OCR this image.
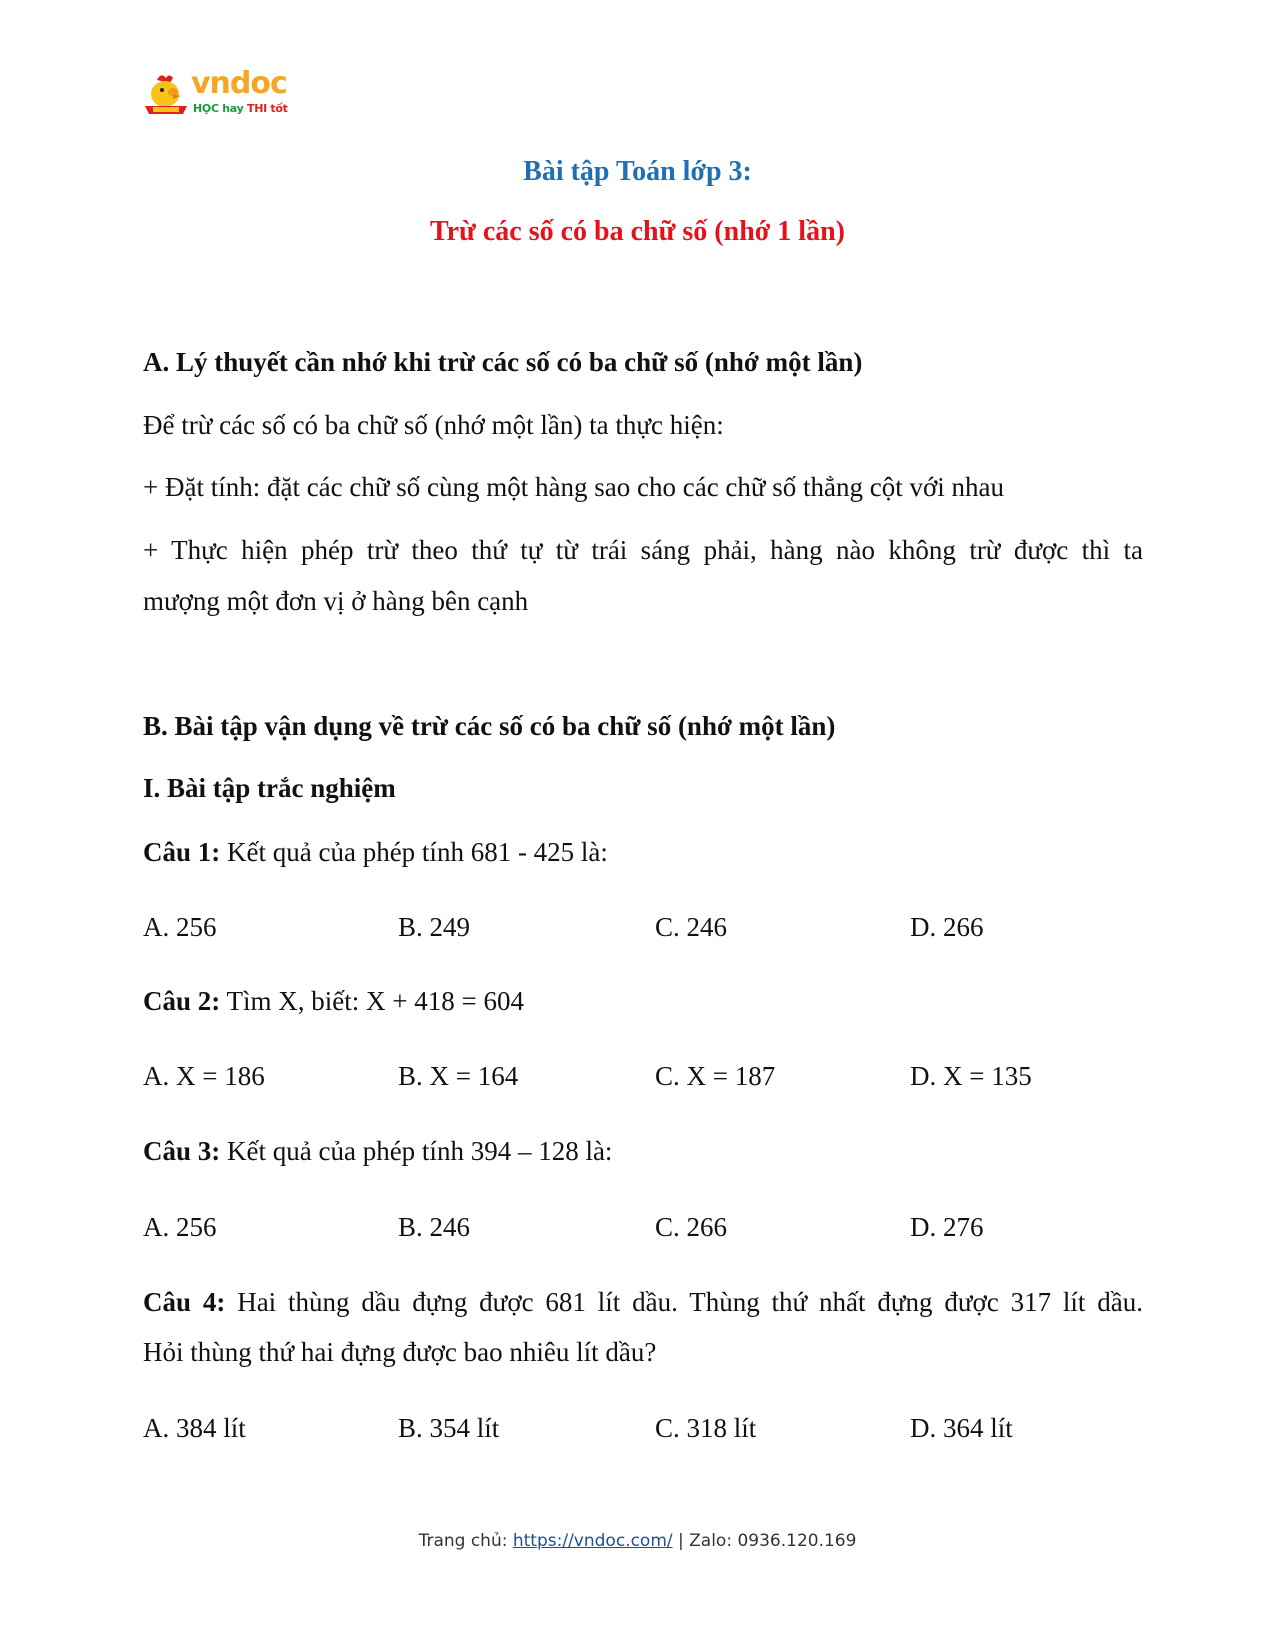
vndoc
HỌC hay THI tốt
Bài tập Toán lớp 3:
Trừ các số có ba chữ số (nhớ 1 lần)
A. Lý thuyết cần nhớ khi trừ các số có ba chữ số (nhớ một lần)
Để trừ các số có ba chữ số (nhớ một lần) ta thực hiện:
+ Đặt tính: đặt các chữ số cùng một hàng sao cho các chữ số thẳng cột với nhau
+ Thực hiện phép trừ theo thứ tự từ trái sáng phải, hàng nào không trừ được thì ta
mượng một đơn vị ở hàng bên cạnh
B. Bài tập vận dụng về trừ các số có ba chữ số (nhớ một lần)
I. Bài tập trắc nghiệm
Câu 1: Kết quả của phép tính 681 - 425 là:
A. 256	B. 249	C. 246	D. 266
Câu 2: Tìm X, biết: X + 418 = 604
A. X = 186	B. X = 164	C. X = 187	D. X = 135
Câu 3: Kết quả của phép tính 394 – 128 là:
A. 256	B. 246	C. 266	D. 276
Câu 4: Hai thùng dầu đựng được 681 lít dầu. Thùng thứ nhất đựng được 317 lít dầu.
Hỏi thùng thứ hai đựng được bao nhiêu lít dầu?
A. 384 lít	B. 354 lít	C. 318 lít	D. 364 lít
Trang chủ: https://vndoc.com/ | Zalo: 0936.120.169
